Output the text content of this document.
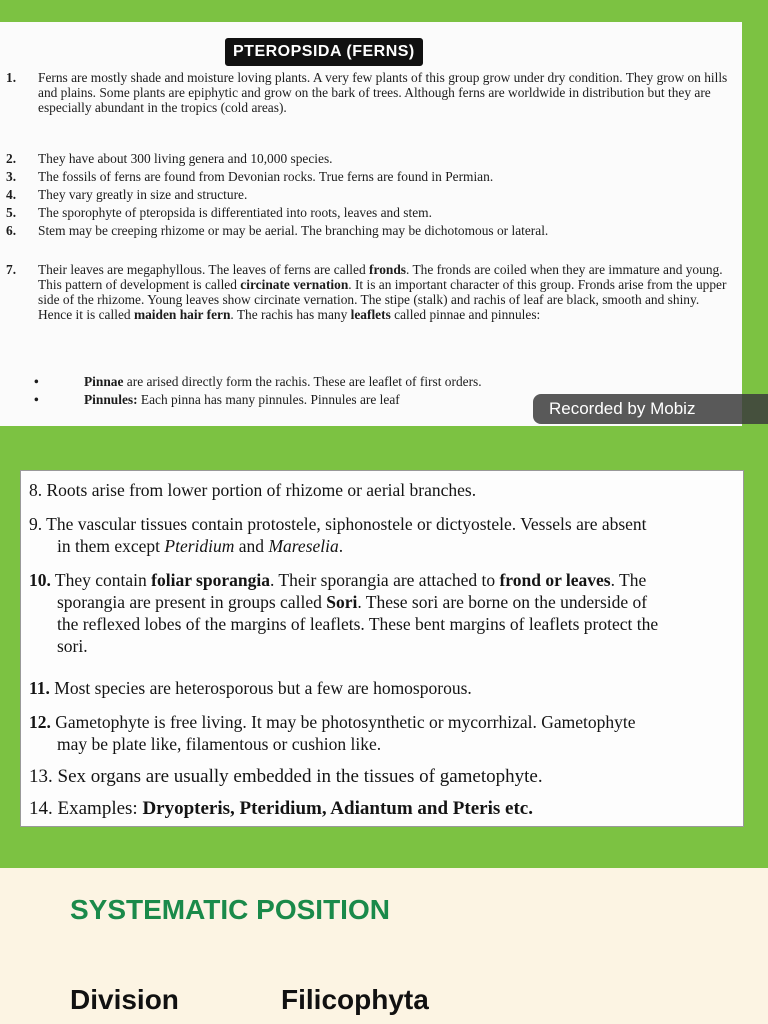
PTEROPSIDA (FERNS)
1. Ferns are mostly shade and moisture loving plants. A very few plants of this group grow under dry condition. They grow on hills and plains. Some plants are epiphytic and grow on the bark of trees. Although ferns are worldwide in distribution but they are especially abundant in the tropics (cold areas).
2. They have about 300 living genera and 10,000 species.
3. The fossils of ferns are found from Devonian rocks. True ferns are found in Permian.
4. They vary greatly in size and structure.
5. The sporophyte of pteropsida is differentiated into roots, leaves and stem.
6. Stem may be creeping rhizome or may be aerial. The branching may be dichotomous or lateral.
7. Their leaves are megaphyllous. The leaves of ferns are called fronds. The fronds are coiled when they are immature and young. This pattern of development is called circinate vernation. It is an important character of this group. Fronds arise from the upper side of the rhizome. Young leaves show circinate vernation. The stipe (stalk) and rachis of leaf are black, smooth and shiny. Hence it is called maiden hair fern. The rachis has many leaflets called pinnae and pinnules:
•	Pinnae are arised directly form the rachis. These are leaflet of first orders.
•	Pinnules: Each pinna has many pinnules. Pinnules are leaf	Recorded by Mobiz
8. Roots arise from lower portion of rhizome or aerial branches.
9. The vascular tissues contain protostele, siphonostele or dictyostele. Vessels are absent
in them except Pteridium and Mareselia.
10. They contain foliar sporangia. Their sporangia are attached to frond or leaves. The
sporangia are present in groups called Sori. These sori are borne on the underside of
the reflexed lobes of the margins of leaflets. These bent margins of leaflets protect the
sori.
11. Most species are heterosporous but a few are homosporous.
12. Gametophyte is free living. It may be photosynthetic or mycorrhizal. Gametophyte
may be plate like, filamentous or cushion like.
13. Sex organs are usually embedded in the tissues of gametophyte.
14. Examples: Dryopteris, Pteridium, Adiantum and Pteris etc.
SYSTEMATIC POSITION
Division	Filicophyta
